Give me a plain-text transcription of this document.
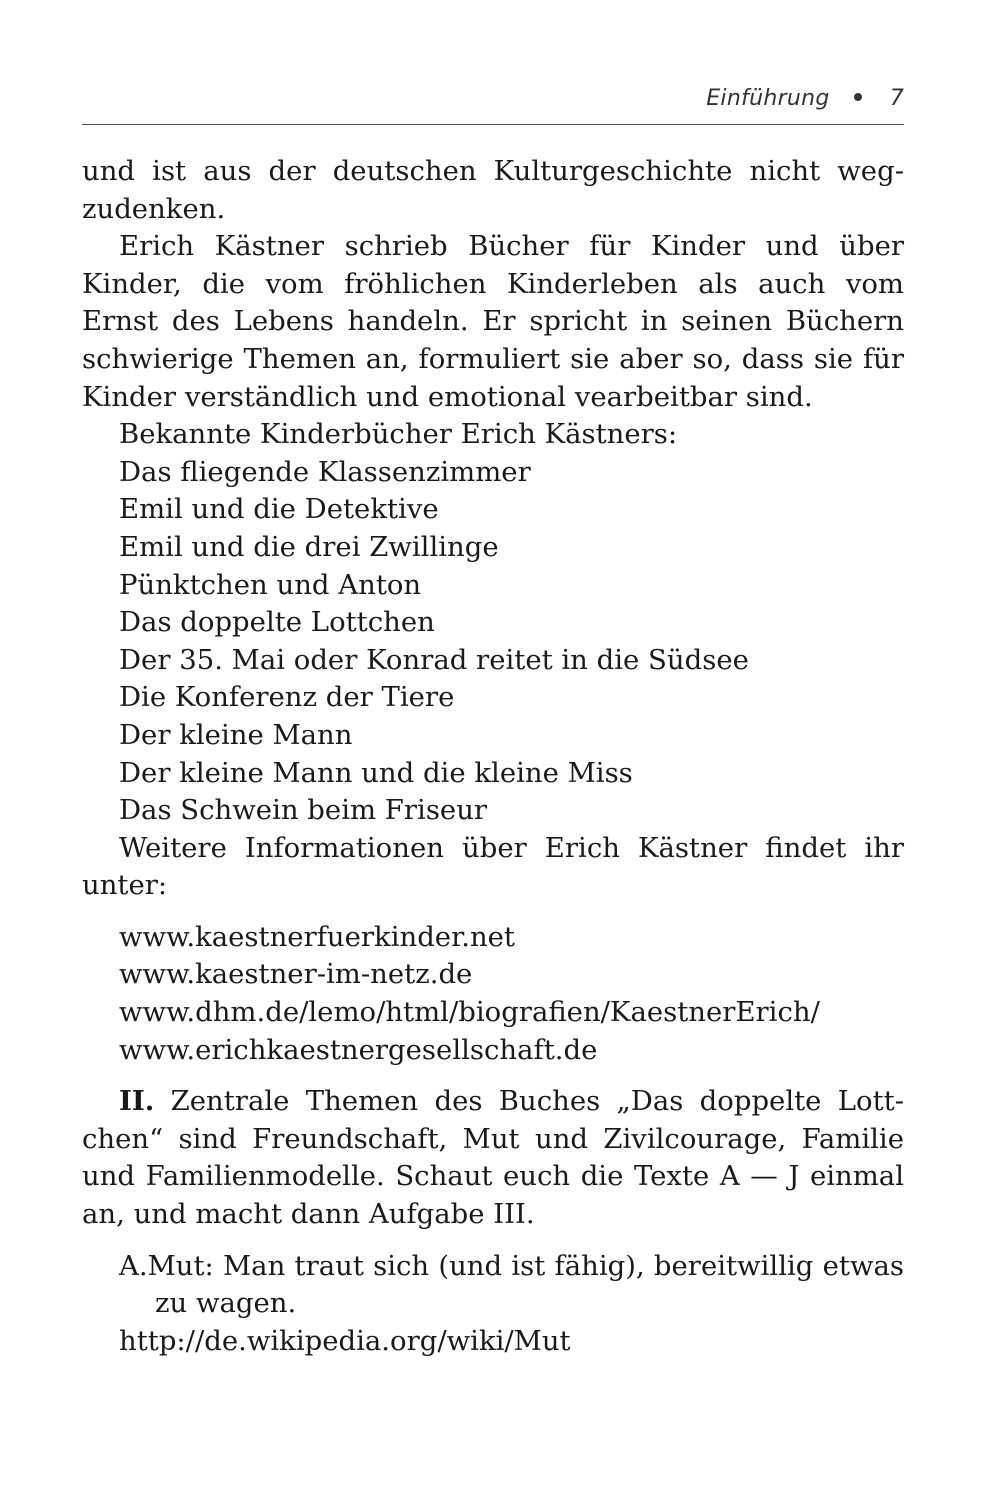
Einführung	7

und ist aus der deutschen Kulturgeschichte nicht wegzudenken.

Erich Kästner schrieb Bücher für Kinder und über Kinder, die vom fröhlichen Kinderleben als auch vom Ernst des Lebens handeln. Er spricht in seinen Büchern schwierige Themen an, formuliert sie aber so, dass sie für Kinder verständlich und emotional vearbeitbar sind.

Bekannte Kinderbücher Erich Kästners:

Das fliegende Klassenzimmer

Emil und die Detektive

Emil und die drei Zwillinge

Pünktchen und Anton

Das doppelte Lottchen

Der 35. Mai oder Konrad reitet in die Südsee

Die Konferenz der Tiere

Der kleine Mann

Der kleine Mann und die kleine Miss

Das Schwein beim Friseur

Weitere Informationen über Erich Kästner findet ihr unter:

www.kaestnerfuerkinder.net

www.kaestner-im-netz.de

www.dhm.de/lemo/html/biografien/KaestnerErich/

www.erichkaestnergesellschaft.de

II. Zentrale Themen des Buches „Das doppelte Lottchen“ sind Freundschaft, Mut und Zivilcourage, Familie und Familienmodelle. Schaut euch die Texte A — J einmal an, und macht dann Aufgabe III.

A.Mut: Man traut sich (und ist fähig), bereitwillig etwas zu wagen.

http://de.wikipedia.org/wiki/Mut
